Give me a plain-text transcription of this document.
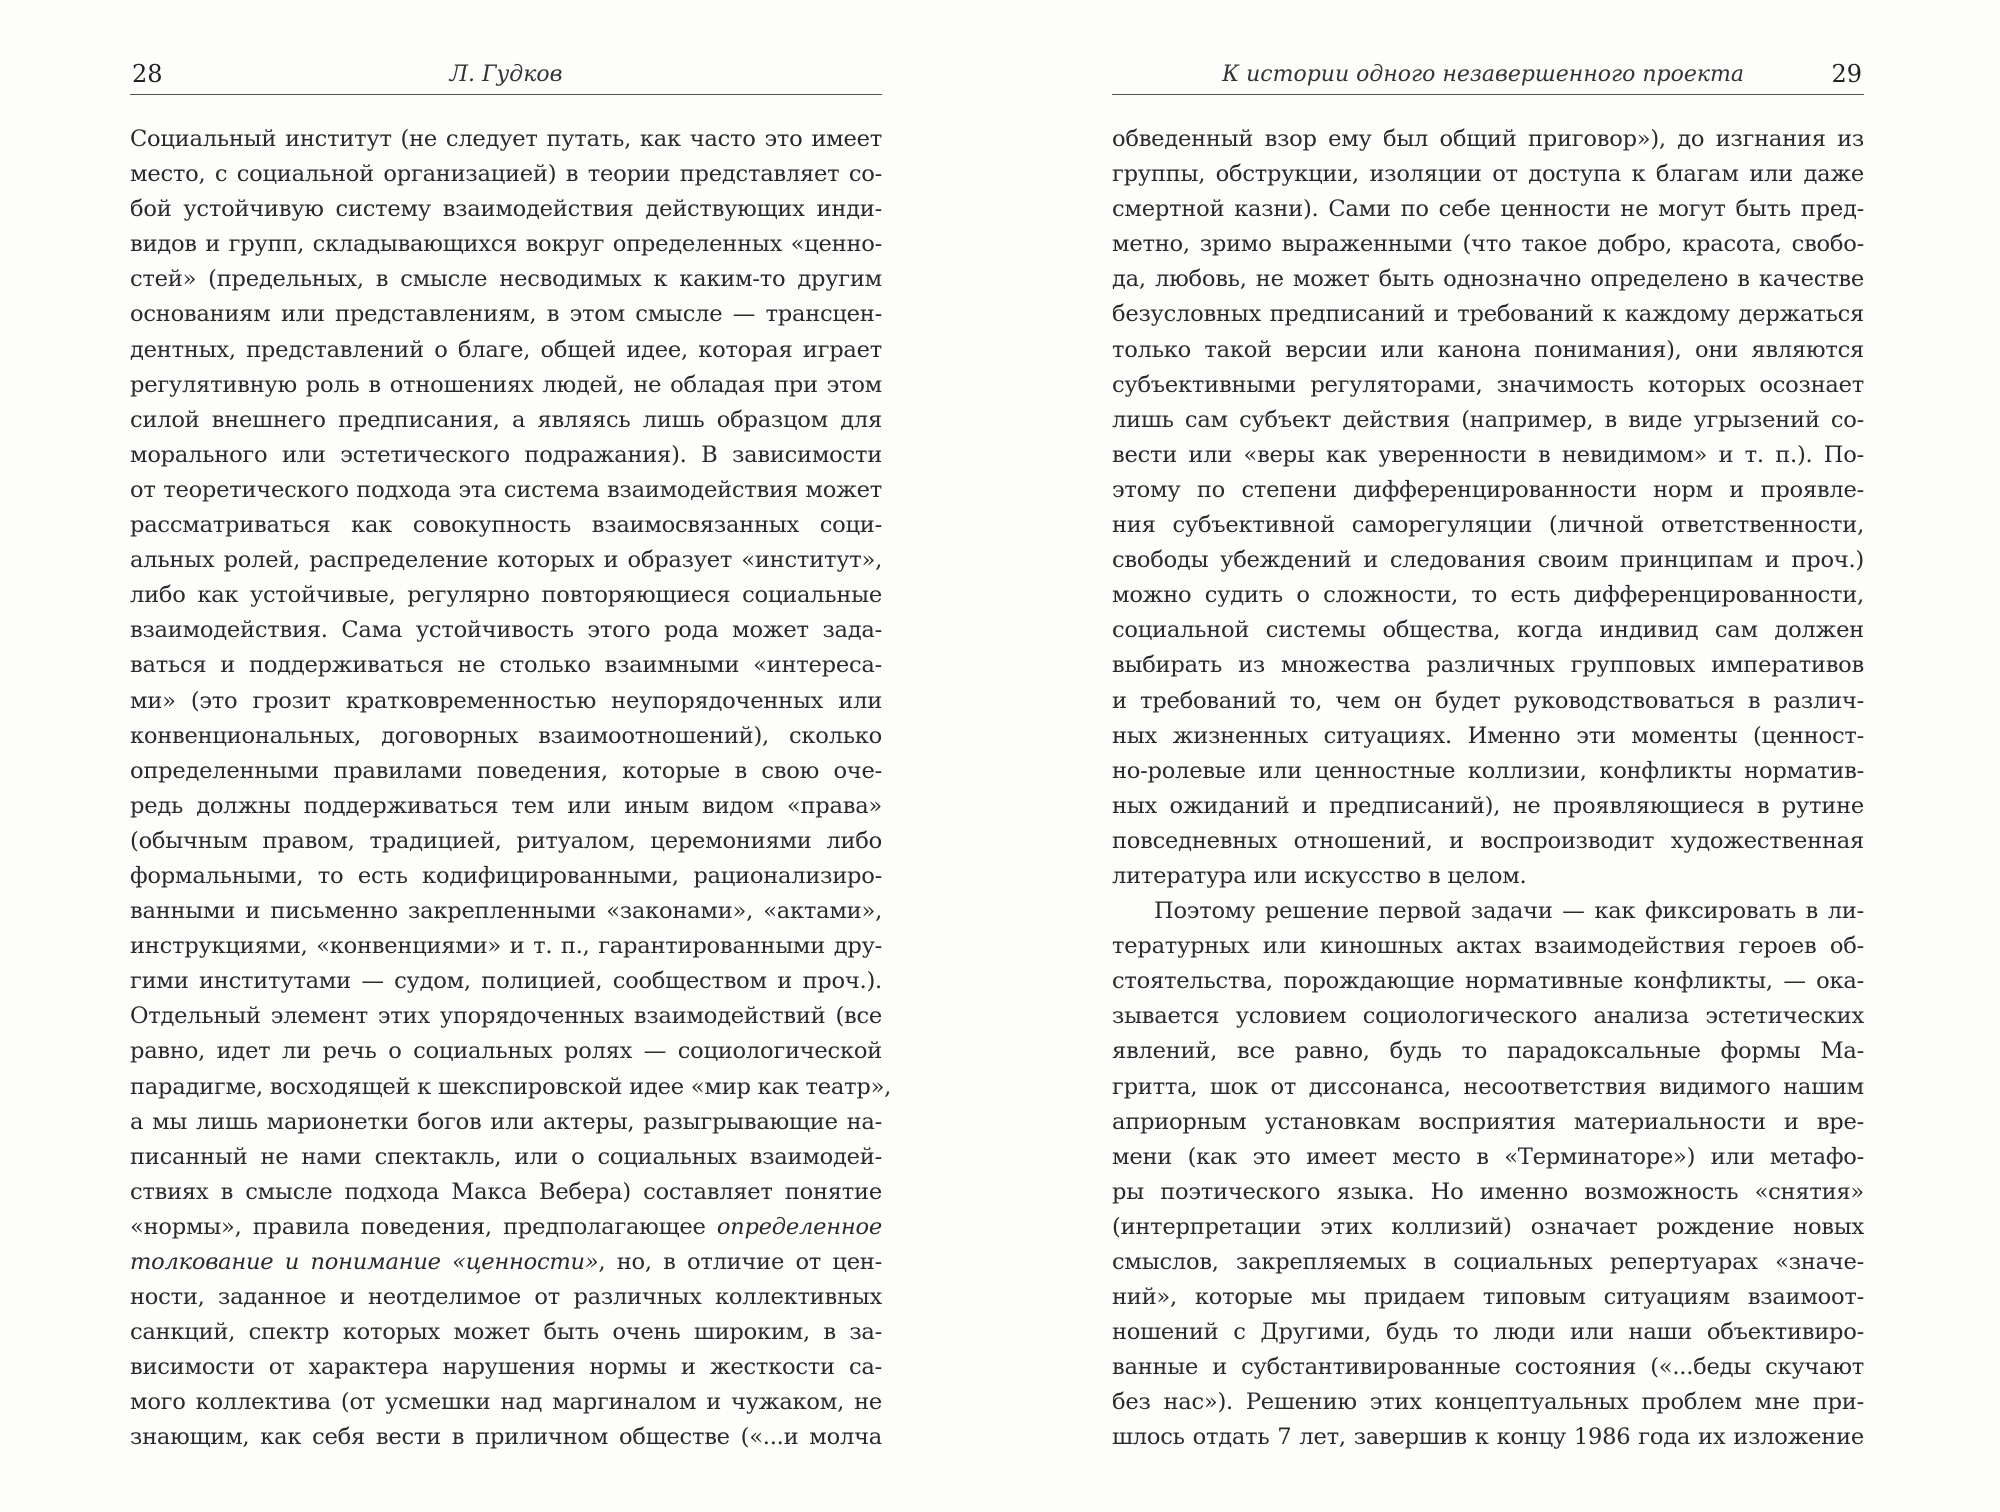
28	Л. Гудков
Социальный институт (не следует путать, как часто это имеет
место, с социальной организацией) в теории представляет со-
бой устойчивую систему взаимодействия действующих инди-
видов и групп, складывающихся вокруг определенных «ценно-
стей» (предельных, в смысле несводимых к каким-то другим
основаниям или представлениям, в этом смысле — трансцен-
дентных, представлений о благе, общей идее, которая играет
регулятивную роль в отношениях людей, не обладая при этом
силой внешнего предписания, а являясь лишь образцом для
морального или эстетического подражания). В зависимости
от теоретического подхода эта система взаимодействия может
рассматриваться как совокупность взаимосвязанных соци-
альных ролей, распределение которых и образует «институт»,
либо как устойчивые, регулярно повторяющиеся социальные
взаимодействия. Сама устойчивость этого рода может зада-
ваться и поддерживаться не столько взаимными «интереса-
ми» (это грозит кратковременностью неупорядоченных или
конвенциональных, договорных взаимоотношений), сколько
определенными правилами поведения, которые в свою оче-
редь должны поддерживаться тем или иным видом «права»
(обычным правом, традицией, ритуалом, церемониями либо
формальными, то есть кодифицированными, рационализиро-
ванными и письменно закрепленными «законами», «актами»,
инструкциями, «конвенциями» и т. п., гарантированными дру-
гими институтами — судом, полицией, сообществом и проч.).
Отдельный элемент этих упорядоченных взаимодействий (все
равно, идет ли речь о социальных ролях — социологической
парадигме, восходящей к шекспировской идее «мир как театр»,
а мы лишь марионетки богов или актеры, разыгрывающие на-
писанный не нами спектакль, или о социальных взаимодей-
ствиях в смысле подхода Макса Вебера) составляет понятие
«нормы», правила поведения, предполагающее определенное
толкование и понимание «ценности», но, в отличие от цен-
ности, заданное и неотделимое от различных коллективных
санкций, спектр которых может быть очень широким, в за-
висимости от характера нарушения нормы и жесткости са-
мого коллектива (от усмешки над маргиналом и чужаком, не
знающим, как себя вести в приличном обществе («...и молча
К истории одного незавершенного проекта	29
обведенный взор ему был общий приговор»), до изгнания из
группы, обструкции, изоляции от доступа к благам или даже
смертной казни). Сами по себе ценности не могут быть пред-
метно, зримо выраженными (что такое добро, красота, свобо-
да, любовь, не может быть однозначно определено в качестве
безусловных предписаний и требований к каждому держаться
только такой версии или канона понимания), они являются
субъективными регуляторами, значимость которых осознает
лишь сам субъект действия (например, в виде угрызений со-
вести или «веры как уверенности в невидимом» и т. п.). По-
этому по степени дифференцированности норм и проявле-
ния субъективной саморегуляции (личной ответственности,
свободы убеждений и следования своим принципам и проч.)
можно судить о сложности, то есть дифференцированности,
социальной системы общества, когда индивид сам должен
выбирать из множества различных групповых императивов
и требований то, чем он будет руководствоваться в различ-
ных жизненных ситуациях. Именно эти моменты (ценност-
но-ролевые или ценностные коллизии, конфликты норматив-
ных ожиданий и предписаний), не проявляющиеся в рутине
повседневных отношений, и воспроизводит художественная
литература или искусство в целом.
Поэтому решение первой задачи — как фиксировать в ли-
тературных или киношных актах взаимодействия героев об-
стоятельства, порождающие нормативные конфликты, — ока-
зывается условием социологического анализа эстетических
явлений, все равно, будь то парадоксальные формы Ма-
гритта, шок от диссонанса, несоответствия видимого нашим
априорным установкам восприятия материальности и вре-
мени (как это имеет место в «Терминаторе») или метафо-
ры поэтического языка. Но именно возможность «снятия»
(интерпретации этих коллизий) означает рождение новых
смыслов, закрепляемых в социальных репертуарах «значе-
ний», которые мы придаем типовым ситуациям взаимоот-
ношений с Другими, будь то люди или наши объективиро-
ванные и субстантивированные состояния («...беды скучают
без нас»). Решению этих концептуальных проблем мне при-
шлось отдать 7 лет, завершив к концу 1986 года их изложение
